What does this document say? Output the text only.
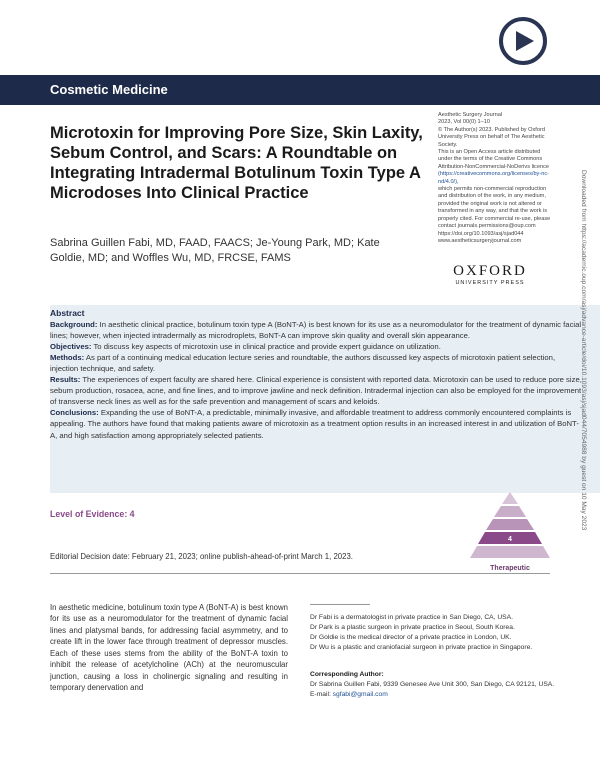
Cosmetic Medicine
Microtoxin for Improving Pore Size, Skin Laxity, Sebum Control, and Scars: A Roundtable on Integrating Intradermal Botulinum Toxin Type A Microdoses Into Clinical Practice
Sabrina Guillen Fabi, MD, FAAD, FAACS; Je-Young Park, MD; Kate Goldie, MD; and Woffles Wu, MD, FRCSE, FAMS

Aesthetic Surgery Journal

2023, Vol 00(0) 1–10

© The Author(s) 2023. Published by Oxford University Press on behalf of The Aesthetic Society.

This is an Open Access article distributed under the terms of the Creative Commons Attribution-NonCommercial-NoDerivs licence

(https://creativecommons.org/licenses/by-nc-nd/4.0/),

which permits non-commercial reproduction and distribution of the work, in any medium, provided the original work is not altered or transformed in any way, and that the work is properly cited. For commercial re-use, please contact journals.permissions@oup.com

https://doi.org/10.1093/asj/sjad044

www.aestheticsurgeryjournal.com

OXFORD
UNIVERSITY PRESS
Abstract

Background: In aesthetic clinical practice, botulinum toxin type A (BoNT-A) is best known for its use as a neuromodulator for the treatment of dynamic facial lines; however, when injected intradermally as microdroplets, BoNT-A can improve skin quality and overall skin appearance.

Objectives: To discuss key aspects of microtoxin use in clinical practice and provide expert guidance on utilization.

Methods: As part of a continuing medical education lecture series and roundtable, the authors discussed key aspects of microtoxin patient selection, injection technique, and safety.

Results: The experiences of expert faculty are shared here. Clinical experience is consistent with reported data. Microtoxin can be used to reduce pore size, sebum production, rosacea, acne, and fine lines, and to improve jawline and neck definition. Intradermal injection can also be employed for the improvement of transverse neck lines as well as for the safe prevention and management of scars and keloids.

Conclusions: Expanding the use of BoNT-A, a predictable, minimally invasive, and affordable treatment to address commonly encountered complaints is appealing. The authors have found that making patients aware of microtoxin as a treatment option results in an increased interest in and utilization of BoNT-A, and high satisfaction among appropriately selected patients.

Level of Evidence: 4
4
Therapeutic
Editorial Decision date: February 21, 2023; online publish-ahead-of-print March 1, 2023.
In aesthetic medicine, botulinum toxin type A (BoNT-A) is best known for its use as a neuromodulator for the treatment of dynamic facial lines and platysmal bands, for addressing facial asymmetry, and to create lift in the lower face through treatment of depressor muscles. Each of these uses stems from the ability of the BoNT-A toxin to inhibit the release of acetylcholine (ACh) at the neuromuscular junction, causing a loss in cholinergic signaling and resulting in temporary denervation and
Dr Fabi is a dermatologist in private practice in San Diego, CA, USA.
Dr Park is a plastic surgeon in private practice in Seoul, South Korea.
Dr Goldie is the medical director of a private practice in London, UK.
Dr Wu is a plastic and craniofacial surgeon in private practice in Singapore.
Corresponding Author:
Dr Sabrina Guillen Fabi, 9339 Genesee Ave Unit 300, San Diego, CA 92121, USA.
E-mail: sgfabi@gmail.com
Downloaded from https://academic.oup.com/asj/advance-article/doi/10.1093/asj/sjad044/7054988 by guest on 10 May 2023
